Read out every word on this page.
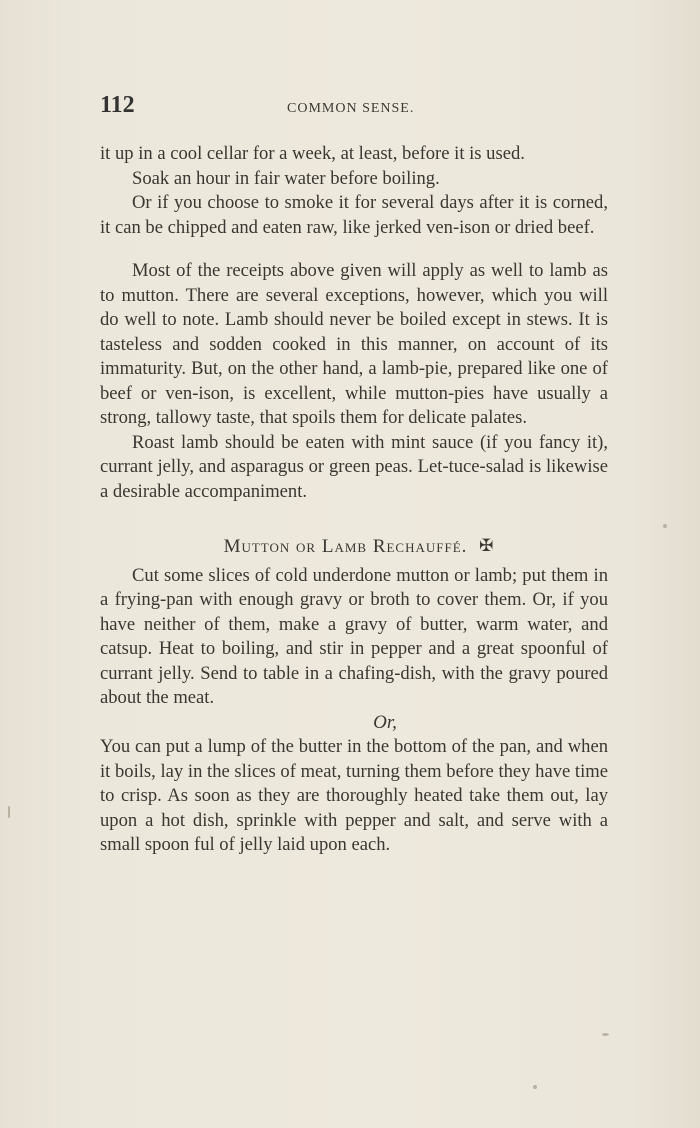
112	COMMON SENSE.

it up in a cool cellar for a week, at least, before it is used.

Soak an hour in fair water before boiling.

Or if you choose to smoke it for several days after it is corned, it can be chipped and eaten raw, like jerked ven-ison or dried beef.

Most of the receipts above given will apply as well to lamb as to mutton. There are several exceptions, however, which you will do well to note. Lamb should never be boiled except in stews. It is tasteless and sodden cooked in this manner, on account of its immaturity. But, on the other hand, a lamb-pie, prepared like one of beef or ven-ison, is excellent, while mutton-pies have usually a strong, tallowy taste, that spoils them for delicate palates.

Roast lamb should be eaten with mint sauce (if you fancy it), currant jelly, and asparagus or green peas. Let-tuce-salad is likewise a desirable accompaniment.

Mutton or Lamb Rechauffé. ✠

Cut some slices of cold underdone mutton or lamb; put them in a frying-pan with enough gravy or broth to cover them. Or, if you have neither of them, make a gravy of butter, warm water, and catsup. Heat to boiling, and stir in pepper and a great spoonful of currant jelly. Send to table in a chafing-dish, with the gravy poured about the meat.

Or,

You can put a lump of the butter in the bottom of the pan, and when it boils, lay in the slices of meat, turning them before they have time to crisp. As soon as they are thoroughly heated take them out, lay upon a hot dish, sprinkle with pepper and salt, and serve with a small spoon ful of jelly laid upon each.
